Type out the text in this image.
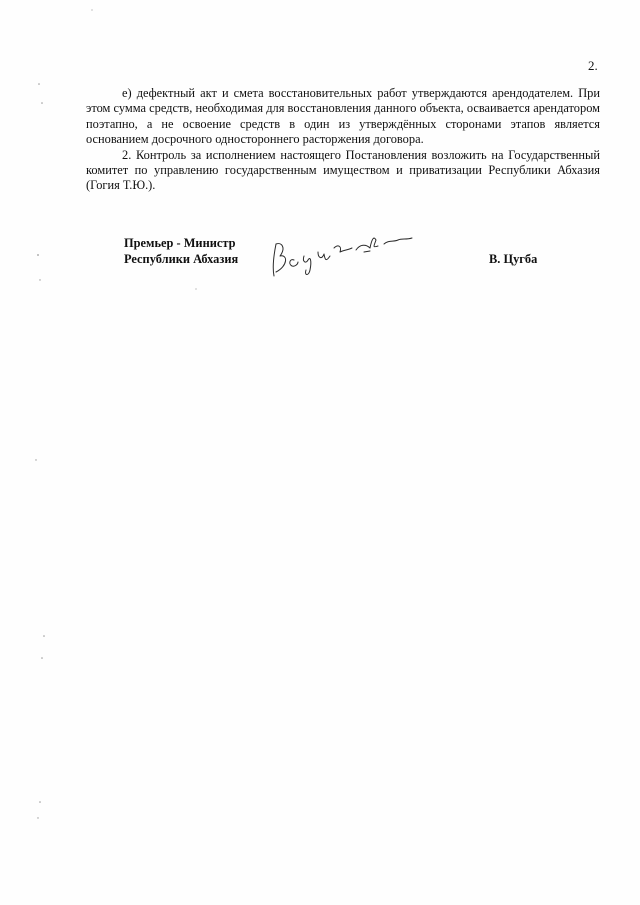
2.

е) дефектный акт и смета восстановительных работ утверждаются арендодателем. При этом сумма средств, необходимая для восстановления данного объекта, осваивается арендатором поэтапно, а не освоение средств в один из утверждённых сторонами этапов является основанием досрочного одностороннего расторжения договора.

2. Контроль за исполнением настоящего Постановления возложить на Государственный комитет по управлению государственным имуществом и приватизации Республики Абхазия (Гогия Т.Ю.).

Премьер - Министр
Республики Абхазия	В. Цугба
